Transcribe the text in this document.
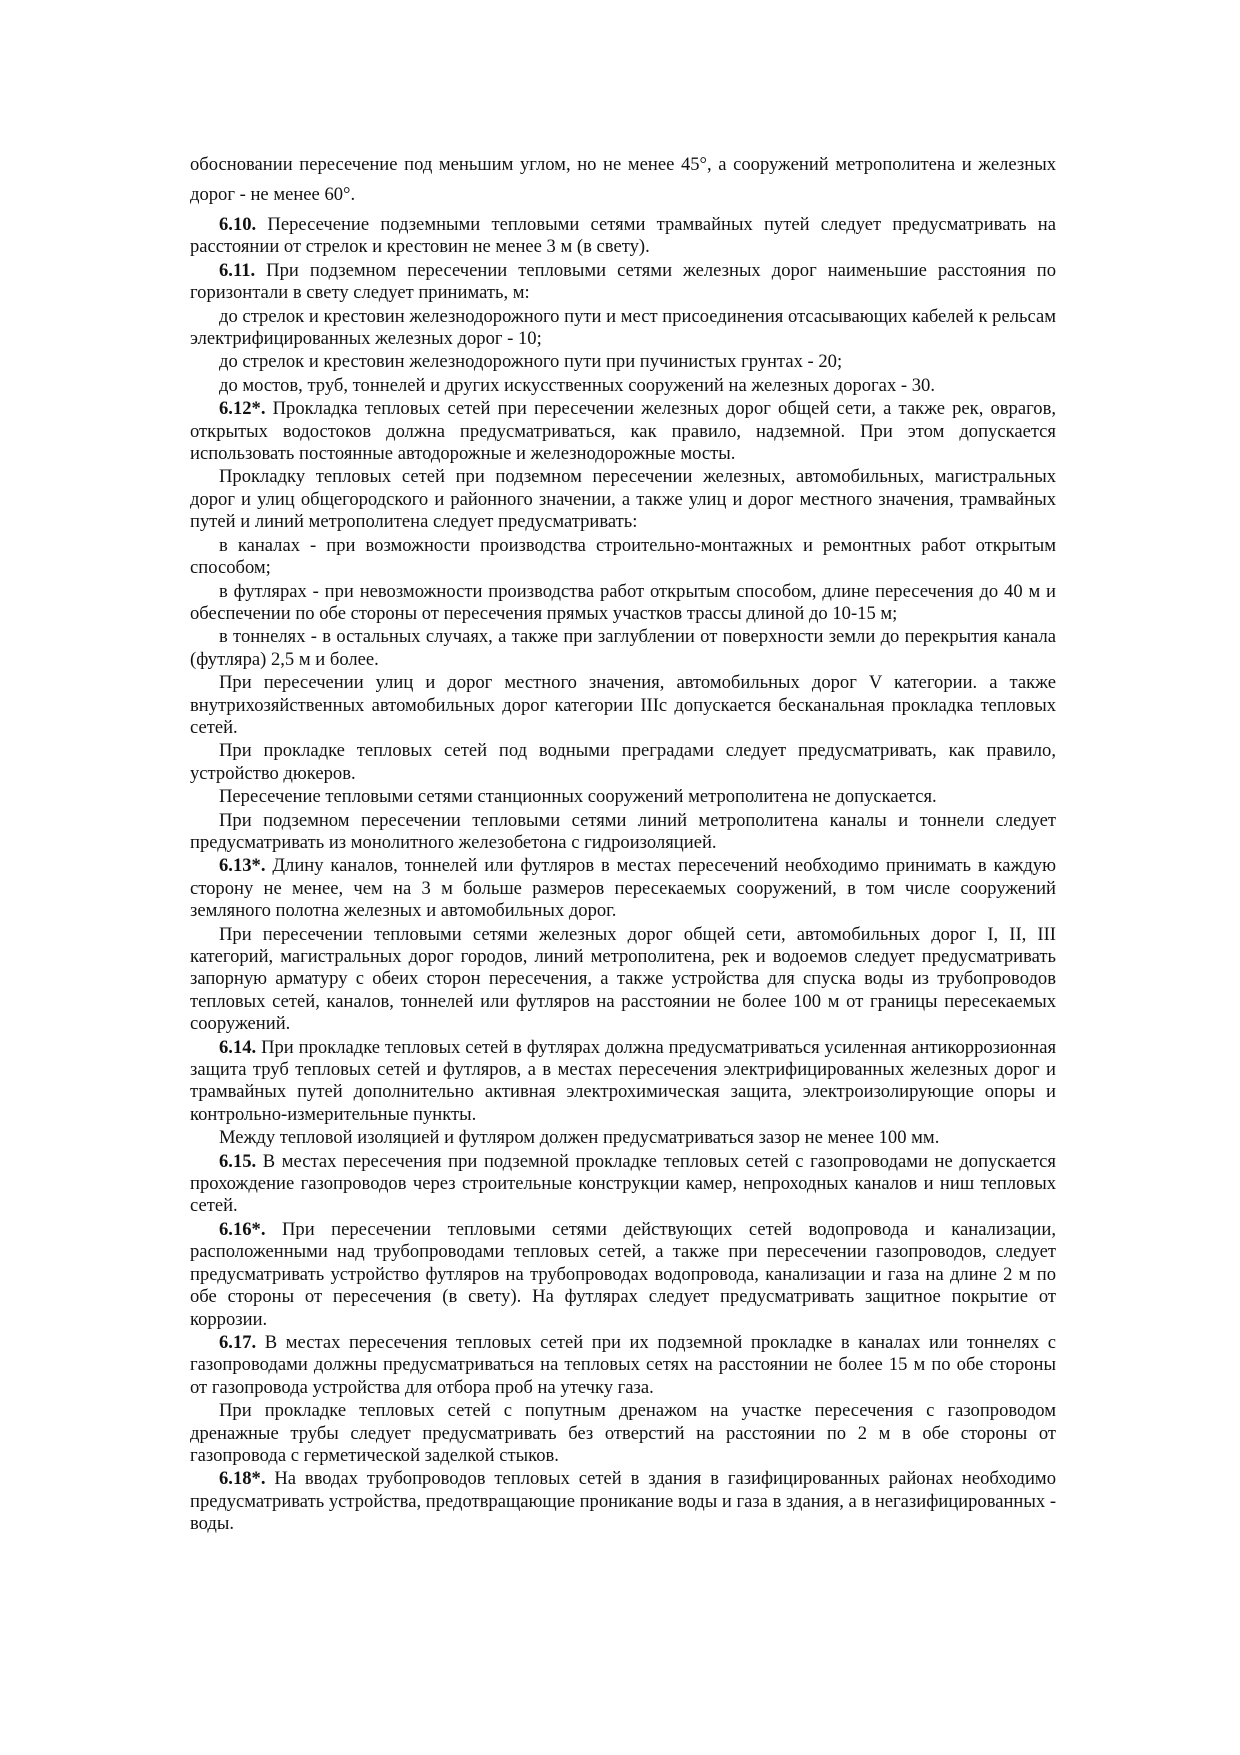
обосновании пересечение под меньшим углом, но не менее 45°, а сооружений метрополитена и железных дорог - не менее 60°.

6.10. Пересечение подземными тепловыми сетями трамвайных путей следует предусматривать на расстоянии от стрелок и крестовин не менее 3 м (в свету).

6.11. При подземном пересечении тепловыми сетями железных дорог наименьшие расстояния по горизонтали в свету следует принимать, м:

до стрелок и крестовин железнодорожного пути и мест присоединения отсасывающих кабелей к рельсам электрифицированных железных дорог - 10;

до стрелок и крестовин железнодорожного пути при пучинистых грунтах - 20;

до мостов, труб, тоннелей и других искусственных сооружений на железных дорогах - 30.

6.12*. Прокладка тепловых сетей при пересечении железных дорог общей сети, а также рек, оврагов, открытых водостоков должна предусматриваться, как правило, надземной. При этом допускается использовать постоянные автодорожные и железнодорожные мосты.

Прокладку тепловых сетей при подземном пересечении железных, автомобильных, магистральных дорог и улиц общегородского и районного значении, а также улиц и дорог местного значения, трамвайных путей и линий метрополитена следует предусматривать:

в каналах - при возможности производства строительно-монтажных и ремонтных работ открытым способом;

в футлярах - при невозможности производства работ открытым способом, длине пересечения до 40 м и обеспечении по обе стороны от пересечения прямых участков трассы длиной до 10-15 м;

в тоннелях - в остальных случаях, а также при заглублении от поверхности земли до перекрытия канала (футляра) 2,5 м и более.

При пересечении улиц и дорог местного значения, автомобильных дорог V категории. а также внутрихозяйственных автомобильных дорог категории IIIс допускается бесканальная прокладка тепловых сетей.

При прокладке тепловых сетей под водными преградами следует предусматривать, как правило, устройство дюкеров.

Пересечение тепловыми сетями станционных сооружений метрополитена не допускается.

При подземном пересечении тепловыми сетями линий метрополитена каналы и тоннели следует предусматривать из монолитного железобетона с гидроизоляцией.

6.13*. Длину каналов, тоннелей или футляров в местах пересечений необходимо принимать в каждую сторону не менее, чем на 3 м больше размеров пересекаемых сооружений, в том числе сооружений земляного полотна железных и автомобильных дорог.

При пересечении тепловыми сетями железных дорог общей сети, автомобильных дорог I, II, III категорий, магистральных дорог городов, линий метрополитена, рек и водоемов следует предусматривать запорную арматуру с обеих сторон пересечения, а также устройства для спуска воды из трубопроводов тепловых сетей, каналов, тоннелей или футляров на расстоянии не более 100 м от границы пересекаемых сооружений.

6.14. При прокладке тепловых сетей в футлярах должна предусматриваться усиленная антикоррозионная защита труб тепловых сетей и футляров, а в местах пересечения электрифицированных железных дорог и трамвайных путей дополнительно активная электрохимическая защита, электроизолирующие опоры и контрольно-измерительные пункты.

Между тепловой изоляцией и футляром должен предусматриваться зазор не менее 100 мм.

6.15. В местах пересечения при подземной прокладке тепловых сетей с газопроводами не допускается прохождение газопроводов через строительные конструкции камер, непроходных каналов и ниш тепловых сетей.

6.16*. При пересечении тепловыми сетями действующих сетей водопровода и канализации, расположенными над трубопроводами тепловых сетей, а также при пересечении газопроводов, следует предусматривать устройство футляров на трубопроводах водопровода, канализации и газа на длине 2 м по обе стороны от пересечения (в свету). На футлярах следует предусматривать защитное покрытие от коррозии.

6.17. В местах пересечения тепловых сетей при их подземной прокладке в каналах или тоннелях с газопроводами должны предусматриваться на тепловых сетях на расстоянии не более 15 м по обе стороны от газопровода устройства для отбора проб на утечку газа.

При прокладке тепловых сетей с попутным дренажом на участке пересечения с газопроводом дренажные трубы следует предусматривать без отверстий на расстоянии по 2 м в обе стороны от газопровода с герметической заделкой стыков.

6.18*. На вводах трубопроводов тепловых сетей в здания в газифицированных районах необходимо предусматривать устройства, предотвращающие проникание воды и газа в здания, а в негазифицированных - воды.
